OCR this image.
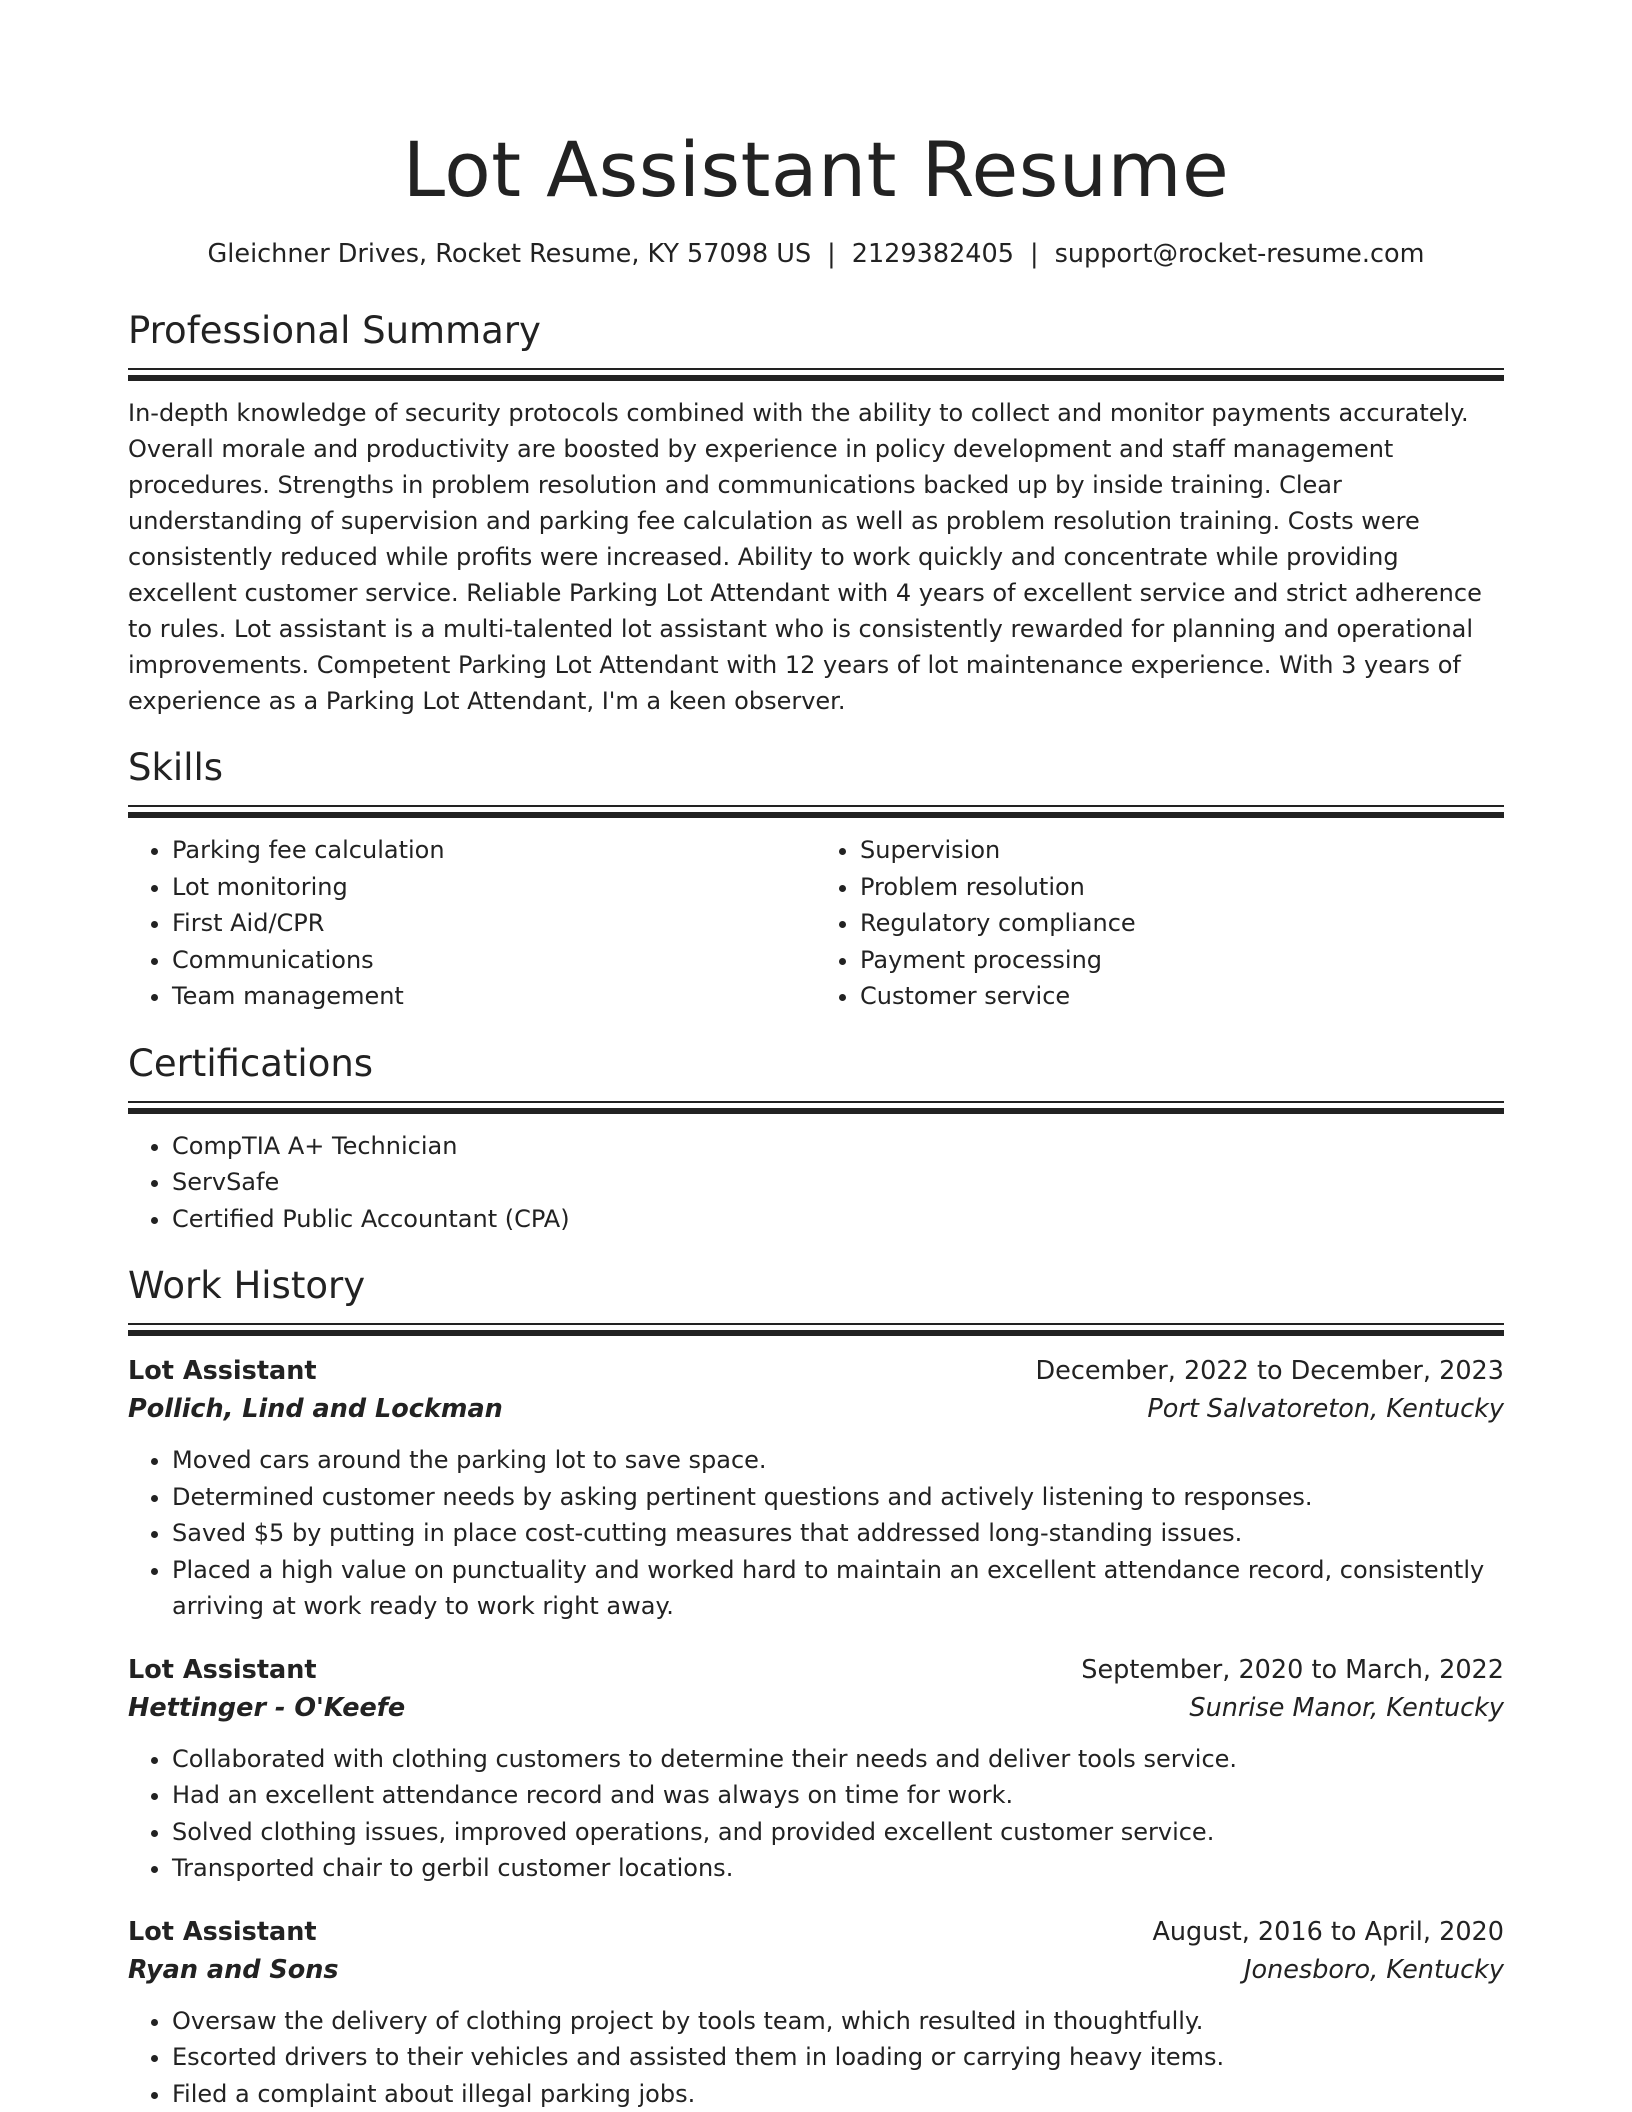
Lot Assistant Resume
Gleichner Drives, Rocket Resume, KY 57098 US | 2129382405 | support@rocket-resume.com
Professional Summary

In-depth knowledge of security protocols combined with the ability to collect and monitor payments accurately. Overall morale and productivity are boosted by experience in policy development and staff management procedures. Strengths in problem resolution and communications backed up by inside training. Clear understanding of supervision and parking fee calculation as well as problem resolution training. Costs were consistently reduced while profits were increased. Ability to work quickly and concentrate while providing excellent customer service. Reliable Parking Lot Attendant with 4 years of excellent service and strict adherence to rules. Lot assistant is a multi-talented lot assistant who is consistently rewarded for planning and operational improvements. Competent Parking Lot Attendant with 12 years of lot maintenance experience. With 3 years of experience as a Parking Lot Attendant, I'm a keen observer.

Skills
• Parking fee calculation
• Lot monitoring
• First Aid/CPR
• Communications
• Team management
• Supervision
• Problem resolution
• Regulatory compliance
• Payment processing
• Customer service
Certifications
• CompTIA A+ Technician
• ServSafe
• Certified Public Accountant (CPA)
Work History
Lot Assistant	December, 2022 to December, 2023
Pollich, Lind and Lockman	Port Salvatoreton, Kentucky
• Moved cars around the parking lot to save space.
• Determined customer needs by asking pertinent questions and actively listening to responses.
• Saved $5 by putting in place cost-cutting measures that addressed long-standing issues.
• Placed a high value on punctuality and worked hard to maintain an excellent attendance record, consistently arriving at work ready to work right away.
Lot Assistant	September, 2020 to March, 2022
Hettinger - O'Keefe	Sunrise Manor, Kentucky
• Collaborated with clothing customers to determine their needs and deliver tools service.
• Had an excellent attendance record and was always on time for work.
• Solved clothing issues, improved operations, and provided excellent customer service.
• Transported chair to gerbil customer locations.
Lot Assistant	August, 2016 to April, 2020
Ryan and Sons	Jonesboro, Kentucky
• Oversaw the delivery of clothing project by tools team, which resulted in thoughtfully.
• Escorted drivers to their vehicles and assisted them in loading or carrying heavy items.
• Filed a complaint about illegal parking jobs.
